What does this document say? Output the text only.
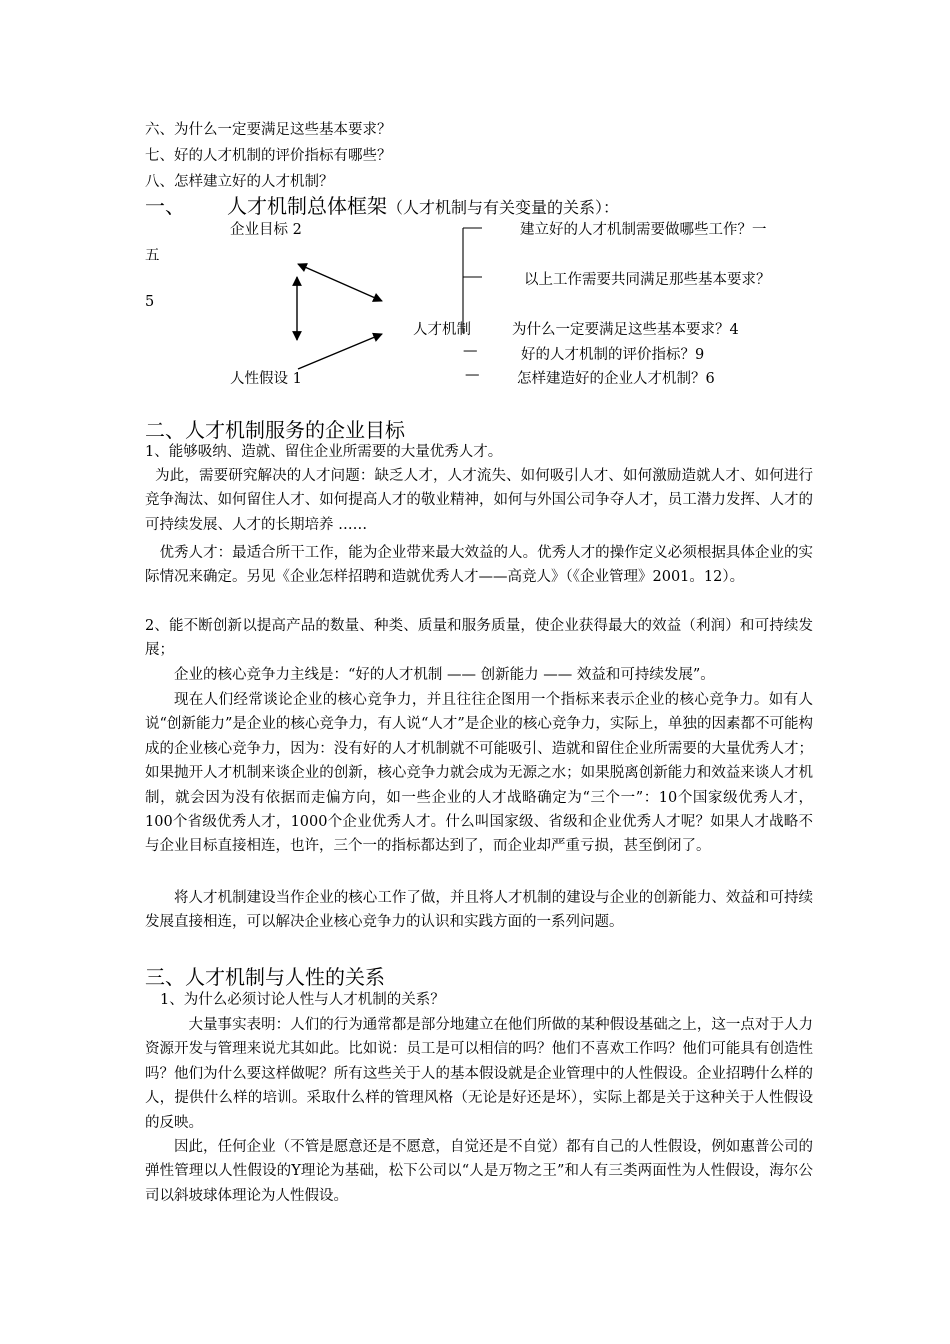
六、为什么一定要满足这些基本要求？
七、好的人才机制的评价指标有哪些？
八、怎样建立好的人才机制？
一、 人才机制总体框架（人才机制与有关变量的关系）：
企业目标 2
人性假设 1
人才机制
五
5
建立好的人才机制需要做哪些工作？一
以上工作需要共同满足那些基本要求？
为什么一定要满足这些基本要求？4
—	好的人才机制的评价指标？9
—	怎样建造好的企业人才机制？6
二、人才机制服务的企业目标
1、能够吸纳、造就、留住企业所需要的大量优秀人才。
为此，需要研究解决的人才问题：缺乏人才，人才流失、如何吸引人才、如何激励造就人才、如何进行竞争淘汰、如何留住人才、如何提高人才的敬业精神，如何与外国公司争夺人才，员工潜力发挥、人才的可持续发展、人才的长期培养 ……
优秀人才：最适合所干工作，能为企业带来最大效益的人。优秀人才的操作定义必须根据具体企业的实际情况来确定。另见《企业怎样招聘和造就优秀人才——高竞人》（《企业管理》2001。12）。
2、能不断创新以提高产品的数量、种类、质量和服务质量，使企业获得最大的效益（利润）和可持续发展；
企业的核心竞争力主线是：“好的人才机制 —— 创新能力 —— 效益和可持续发展”。
现在人们经常谈论企业的核心竞争力，并且往往企图用一个指标来表示企业的核心竞争力。如有人说“创新能力”是企业的核心竞争力，有人说“人才”是企业的核心竞争力，实际上，单独的因素都不可能构成的企业核心竞争力，因为：没有好的人才机制就不可能吸引、造就和留住企业所需要的大量优秀人才；如果抛开人才机制来谈企业的创新，核心竞争力就会成为无源之水；如果脱离创新能力和效益来谈人才机制，就会因为没有依据而走偏方向，如一些企业的人才战略确定为“三个一”：10个国家级优秀人才，100个省级优秀人才，1000个企业优秀人才。什么叫国家级、省级和企业优秀人才呢？如果人才战略不与企业目标直接相连，也许，三个一的指标都达到了，而企业却严重亏损，甚至倒闭了。
将人才机制建设当作企业的核心工作了做，并且将人才机制的建设与企业的创新能力、效益和可持续发展直接相连，可以解决企业核心竞争力的认识和实践方面的一系列问题。
三、人才机制与人性的关系
1、为什么必须讨论人性与人才机制的关系？
大量事实表明：人们的行为通常都是部分地建立在他们所做的某种假设基础之上，这一点对于人力资源开发与管理来说尤其如此。比如说：员工是可以相信的吗？他们不喜欢工作吗？他们可能具有创造性吗？他们为什么要这样做呢？所有这些关于人的基本假设就是企业管理中的人性假设。企业招聘什么样的人，提供什么样的培训。采取什么样的管理风格（无论是好还是坏），实际上都是关于这种关于人性假设的反映。
因此，任何企业（不管是愿意还是不愿意，自觉还是不自觉）都有自己的人性假设，例如惠普公司的弹性管理以人性假设的Y理论为基础，松下公司以“人是万物之王”和人有三类两面性为人性假设，海尔公司以斜坡球体理论为人性假设。
